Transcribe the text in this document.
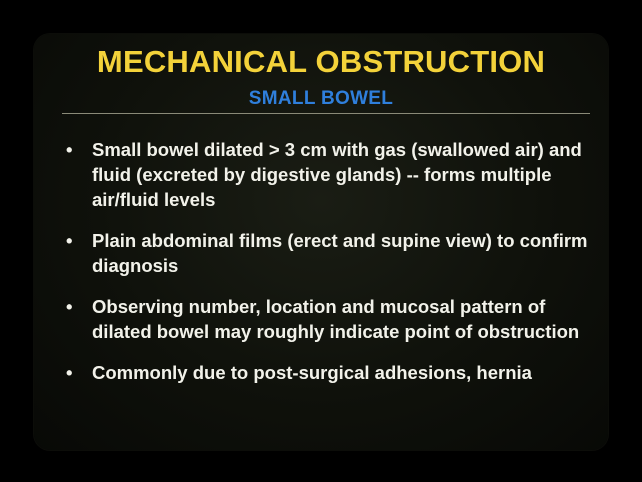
MECHANICAL OBSTRUCTION
SMALL BOWEL
•	Small bowel dilated > 3 cm with gas (swallowed air) and fluid (excreted by digestive glands) -- forms multiple air/fluid levels
•	Plain abdominal films (erect and supine view) to confirm diagnosis
•	Observing number, location and mucosal pattern of dilated bowel may roughly indicate point of obstruction
•	Commonly due to post-surgical adhesions, hernia
